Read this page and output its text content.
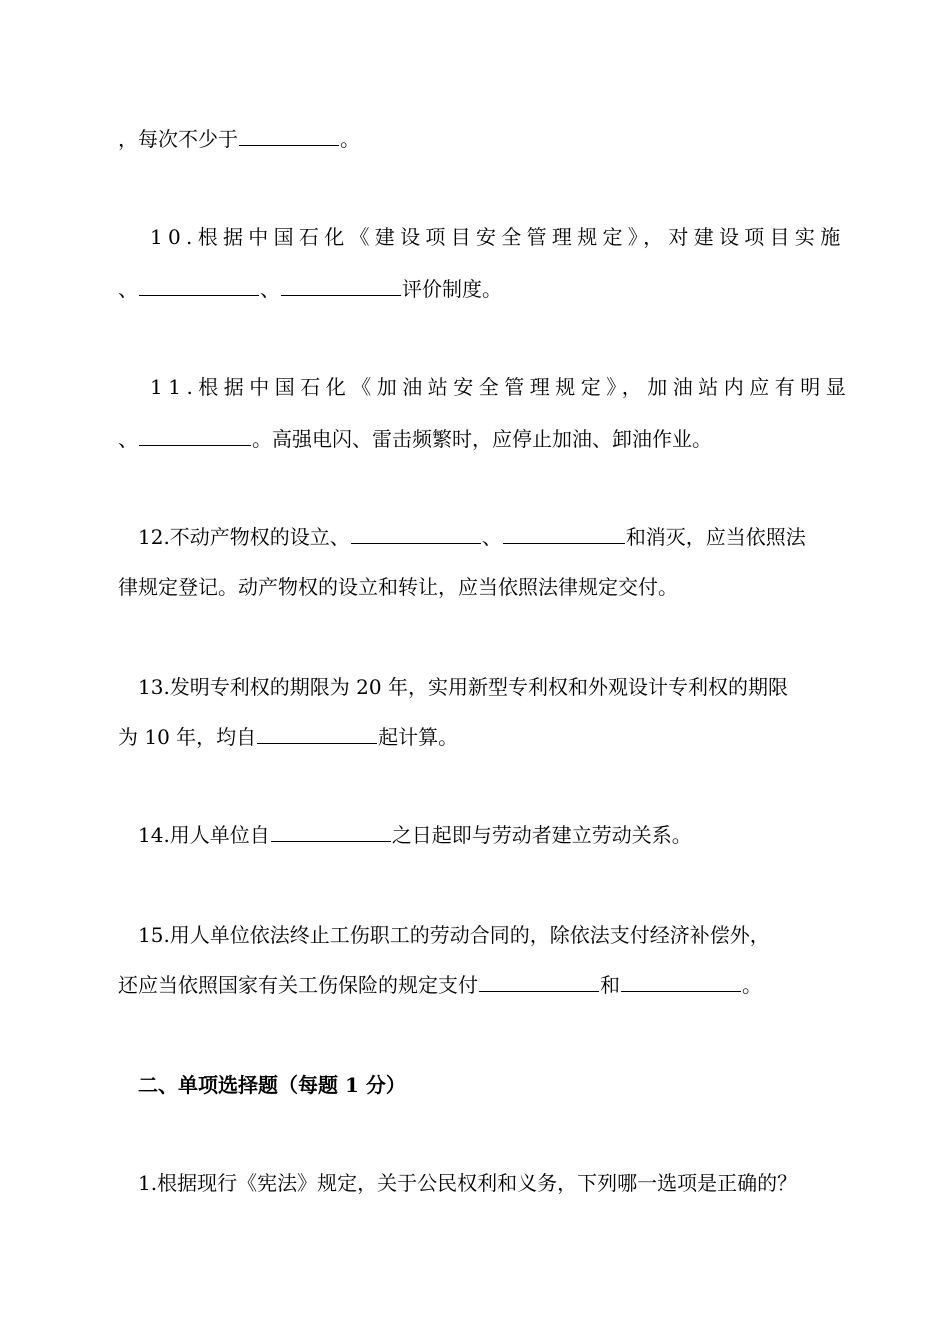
，每次不少于	。
10.根据中国石化《建设项目安全管理规定》，对建设项目实施
、	、	评价制度。
11.根据中国石化《加油站安全管理规定》，加油站内应有明显
、	。高强电闪、雷击频繁时，应停止加油、卸油作业。
12.不动产物权的设立、	、	和消灭，应当依照法
律规定登记。动产物权的设立和转让，应当依照法律规定交付。
13.发明专利权的期限为 20 年，实用新型专利权和外观设计专利权的期限
为 10 年，均自	起计算。
14.用人单位自	之日起即与劳动者建立劳动关系。
15.用人单位依法终止工伤职工的劳动合同的，除依法支付经济补偿外，
还应当依照国家有关工伤保险的规定支付	和	。
二、单项选择题（每题 1 分）
1.根据现行《宪法》规定，关于公民权利和义务，下列哪一选项是正确的？
